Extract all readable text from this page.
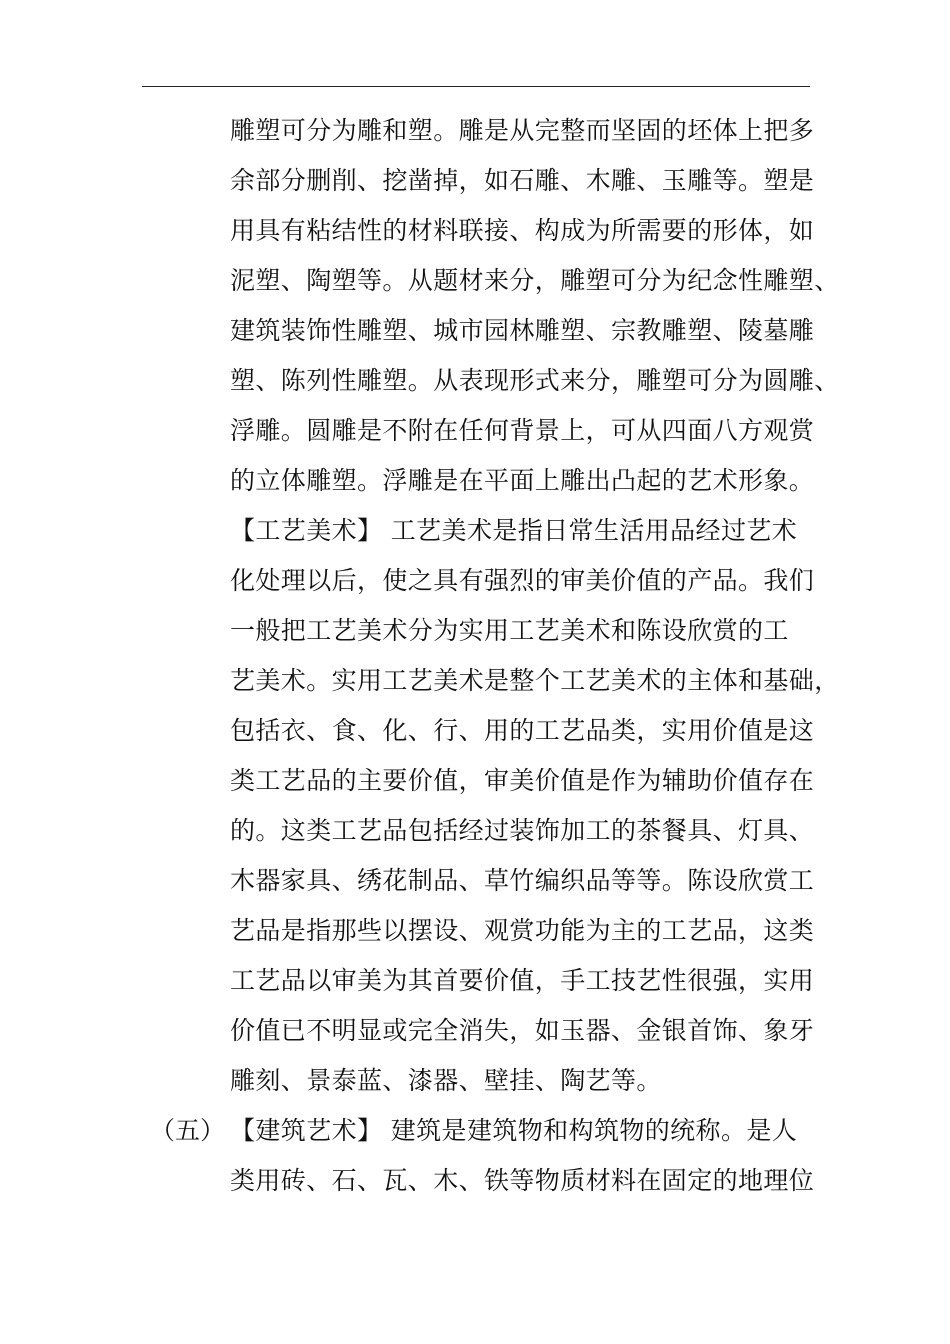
雕塑可分为雕和塑。雕是从完整而坚固的坯体上把多
余部分删削、挖凿掉，如石雕、木雕、玉雕等。塑是
用具有粘结性的材料联接、构成为所需要的形体，如
泥塑、陶塑等。从题材来分，雕塑可分为纪念性雕塑、
建筑装饰性雕塑、城市园林雕塑、宗教雕塑、陵墓雕
塑、陈列性雕塑。从表现形式来分，雕塑可分为圆雕、
浮雕。圆雕是不附在任何背景上，可从四面八方观赏
的立体雕塑。浮雕是在平面上雕出凸起的艺术形象。
【工艺美术】 工艺美术是指日常生活用品经过艺术
化处理以后，使之具有强烈的审美价值的产品。我们
一般把工艺美术分为实用工艺美术和陈设欣赏的工
艺美术。实用工艺美术是整个工艺美术的主体和基础，
包括衣、食、化、行、用的工艺品类，实用价值是这
类工艺品的主要价值，审美价值是作为辅助价值存在
的。这类工艺品包括经过装饰加工的茶餐具、灯具、
木器家具、绣花制品、草竹编织品等等。陈设欣赏工
艺品是指那些以摆设、观赏功能为主的工艺品，这类
工艺品以审美为其首要价值，手工技艺性很强，实用
价值已不明显或完全消失，如玉器、金银首饰、象牙
雕刻、景泰蓝、漆器、壁挂、陶艺等。
（五） 【建筑艺术】 建筑是建筑物和构筑物的统称。是人
类用砖、石、瓦、木、铁等物质材料在固定的地理位
